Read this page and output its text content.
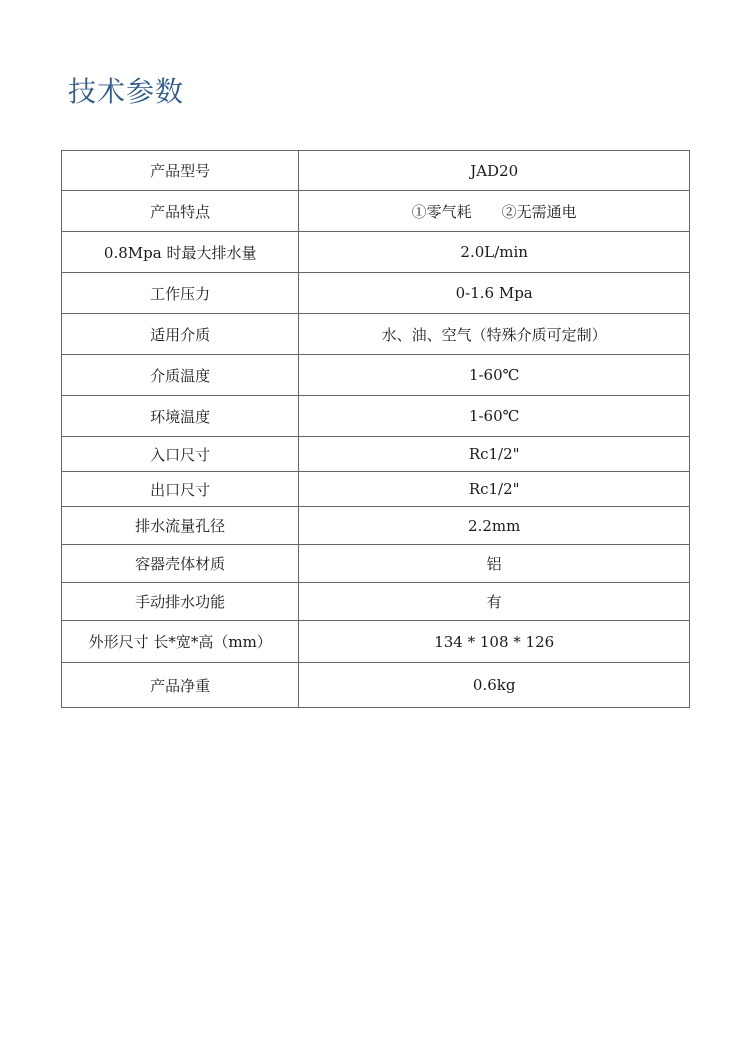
技术参数
产品型号	JAD20
产品特点	①零气耗　　②无需通电
0.8Mpa 时最大排水量	2.0L/min
工作压力	0-1.6 Mpa
适用介质	水、油、空气（特殊介质可定制）
介质温度	1-60℃
环境温度	1-60℃
入口尺寸	Rc1/2"
出口尺寸	Rc1/2"
排水流量孔径	2.2mm
容器壳体材质	铝
手动排水功能	有
外形尺寸 长*宽*高（mm）	134 * 108 * 126
产品净重	0.6kg
